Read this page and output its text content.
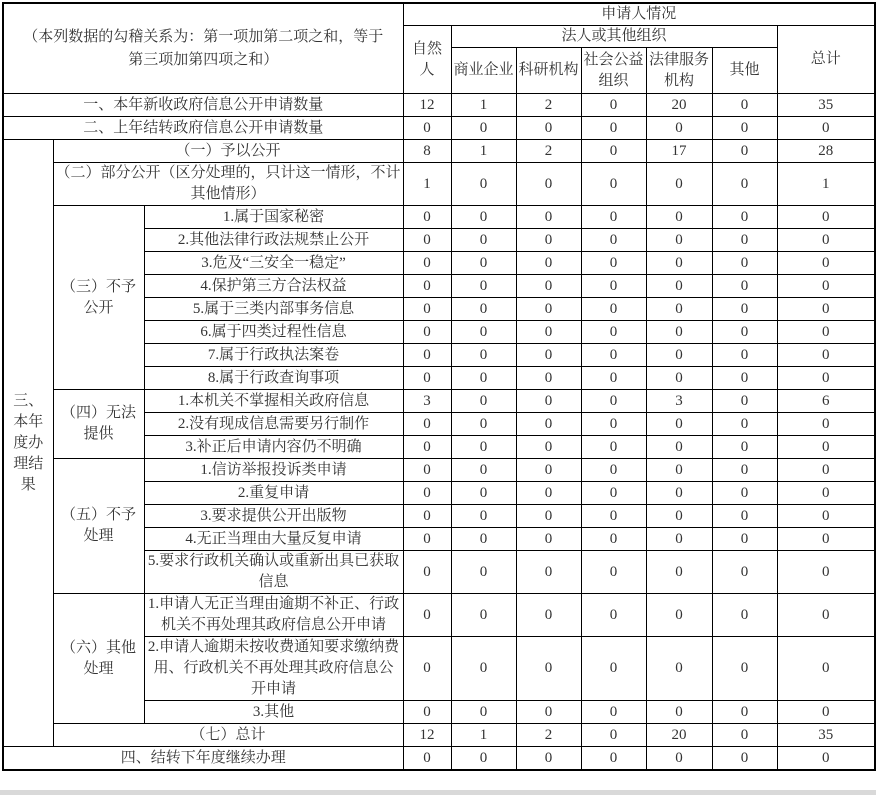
（本列数据的勾稽关系为：第一项加第二项之和，等于第三项加第四项之和）			申请人情况						
			自然人	法人或其他组织					总计
				商业企业	科研机构	社会公益组织	法律服务机构	其他	
一、本年新收政府信息公开申请数量			12	1	2	0	20	0	35
二、上年结转政府信息公开申请数量			0	0	0	0	0	0	0
三、本年度办理结果	（一）予以公开		8	1	2	0	17	0	28
	（二）部分公开（区分处理的，只计这一情形，不计其他情形）		1	0	0	0	0	0	1
	（三）不予公开	1.属于国家秘密	0	0	0	0	0	0	0
		2.其他法律行政法规禁止公开	0	0	0	0	0	0	0
		3.危及“三安全一稳定”	0	0	0	0	0	0	0
		4.保护第三方合法权益	0	0	0	0	0	0	0
		5.属于三类内部事务信息	0	0	0	0	0	0	0
		6.属于四类过程性信息	0	0	0	0	0	0	0
		7.属于行政执法案卷	0	0	0	0	0	0	0
		8.属于行政查询事项	0	0	0	0	0	0	0
	（四）无法提供	1.本机关不掌握相关政府信息	3	0	0	0	3	0	6
		2.没有现成信息需要另行制作	0	0	0	0	0	0	0
		3.补正后申请内容仍不明确	0	0	0	0	0	0	0
	（五）不予处理	1.信访举报投诉类申请	0	0	0	0	0	0	0
		2.重复申请	0	0	0	0	0	0	0
		3.要求提供公开出版物	0	0	0	0	0	0	0
		4.无正当理由大量反复申请	0	0	0	0	0	0	0
		5.要求行政机关确认或重新出具已获取信息	0	0	0	0	0	0	0
	（六）其他处理	1.申请人无正当理由逾期不补正、行政机关不再处理其政府信息公开申请	0	0	0	0	0	0	0
		2.申请人逾期未按收费通知要求缴纳费用、行政机关不再处理其政府信息公开申请	0	0	0	0	0	0	0
		3.其他	0	0	0	0	0	0	0
	（七）总计		12	1	2	0	20	0	35
四、结转下年度继续办理			0	0	0	0	0	0	0
